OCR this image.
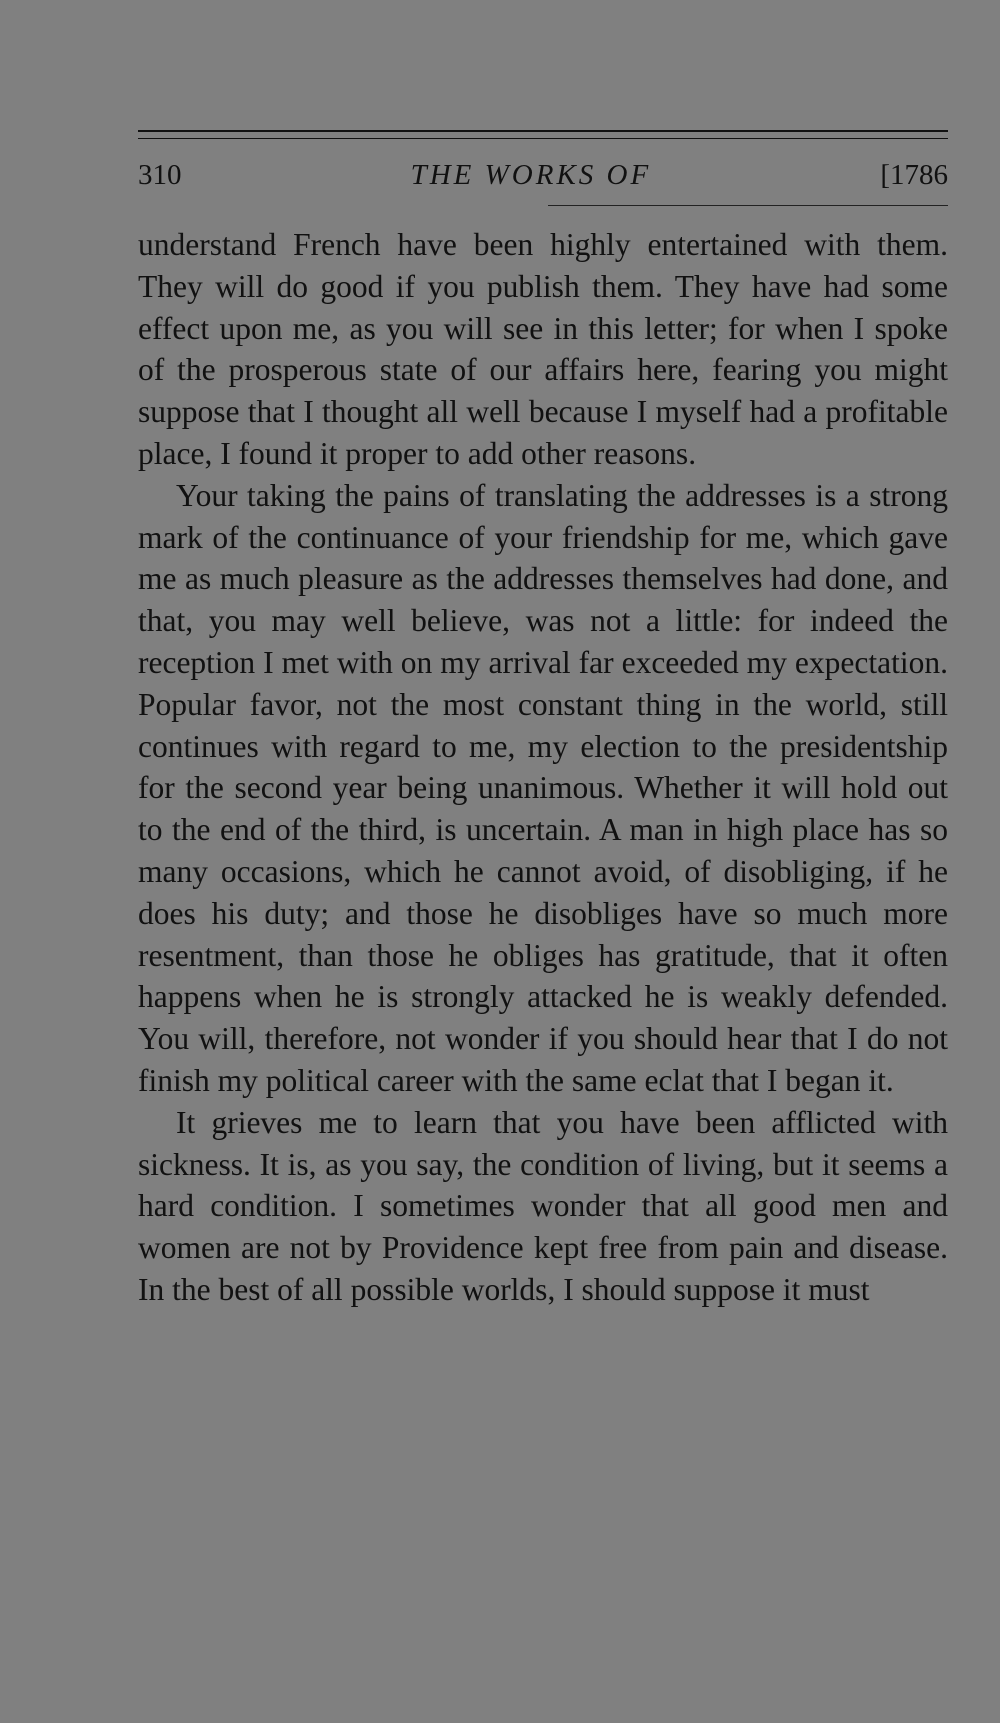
310	THE WORKS OF	[1786

understand French have been highly entertained with them. They will do good if you publish them. They have had some effect upon me, as you will see in this letter; for when I spoke of the prosperous state of our affairs here, fearing you might suppose that I thought all well because I myself had a profitable place, I found it proper to add other reasons.

Your taking the pains of translating the addresses is a strong mark of the continuance of your friendship for me, which gave me as much pleasure as the addresses themselves had done, and that, you may well believe, was not a little: for indeed the reception I met with on my arrival far exceeded my expectation. Popular favor, not the most constant thing in the world, still continues with regard to me, my election to the presidentship for the second year being unanimous. Whether it will hold out to the end of the third, is uncertain. A man in high place has so many occasions, which he cannot avoid, of disobliging, if he does his duty; and those he disobliges have so much more resentment, than those he obliges has gratitude, that it often happens when he is strongly attacked he is weakly defended. You will, therefore, not wonder if you should hear that I do not finish my political career with the same eclat that I began it.

It grieves me to learn that you have been afflicted with sickness. It is, as you say, the condition of living, but it seems a hard condition. I sometimes wonder that all good men and women are not by Providence kept free from pain and disease. In the best of all possible worlds, I should suppose it must
